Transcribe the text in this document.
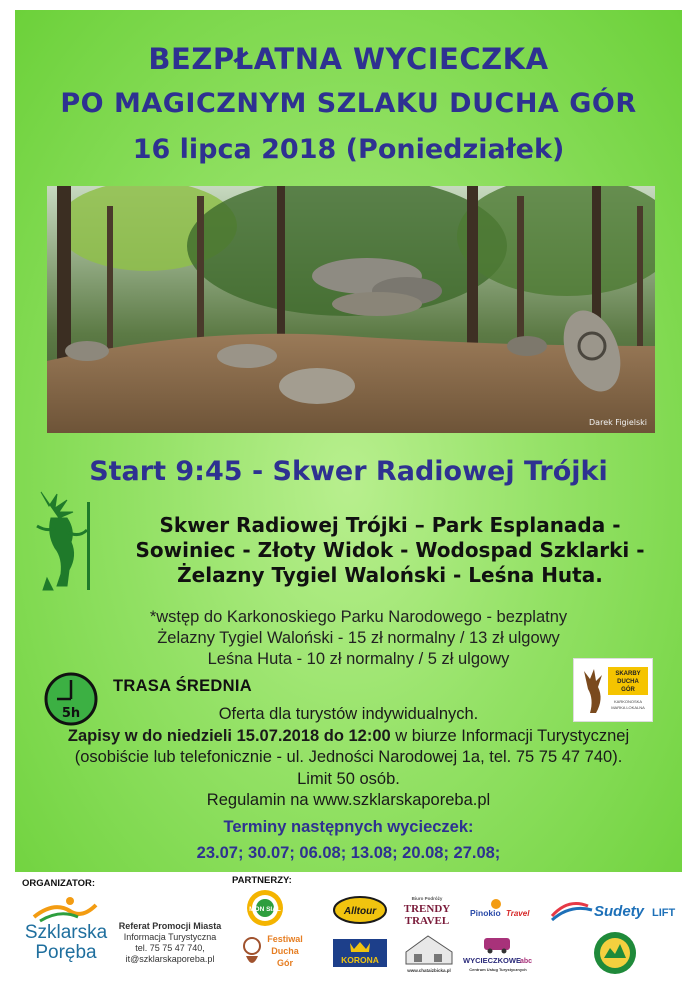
BEZPŁATNA WYCIECZKA
PO MAGICZNYM SZLAKU DUCHA GÓR
16 lipca 2018 (Poniedziałek)
Darek Figielski
Start 9:45 - Skwer Radiowej Trójki
Skwer Radiowej Trójki – Park Esplanada -
Sowiniec - Złoty Widok - Wodospad Szklarki -
Żelazny Tygiel Waloński - Leśna Huta.
*wstęp do Karkonoskiego Parku Narodowego - bezplatny
Żelazny Tygiel Waloński - 15 zł normalny / 13 zł ulgowy
Leśna Huta - 10 zł normalny / 5 zł ulgowy
5h
TRASA ŚREDNIA
SKARBY
DUCHA
GÓR
KARKONOSKA
MARKA LOKALNA
Oferta dla turystów indywidualnych.
Zapisy w do niedzieli 15.07.2018 do 12:00 w biurze Informacji Turystycznej
(osobiście lub telefonicznie - ul. Jedności Narodowej 1a, tel. 75 75 47 740).
Limit 50 osób.
Regulamin na www.szklarskaporeba.pl
Terminy następnych wycieczek:
23.07; 30.07; 06.08; 13.08; 20.08; 27.08;
ORGANIZATOR:	PARTNERZY:
Szklarska
Poręba
Referat Promocji Miasta
Informacja Turystyczna
tel. 75 75 47 740,
it@szklarskaporeba.pl
MON SIAL
Festiwal
Ducha
Gór
Alltour
KORONA
Biuro Podróży
TRENDY
TRAVEL
www.chataizbicka.pl
Pinokio Travel
WYCIECZKOWE abc
Centrum Usług Turystycznych
Sudety LIFT
